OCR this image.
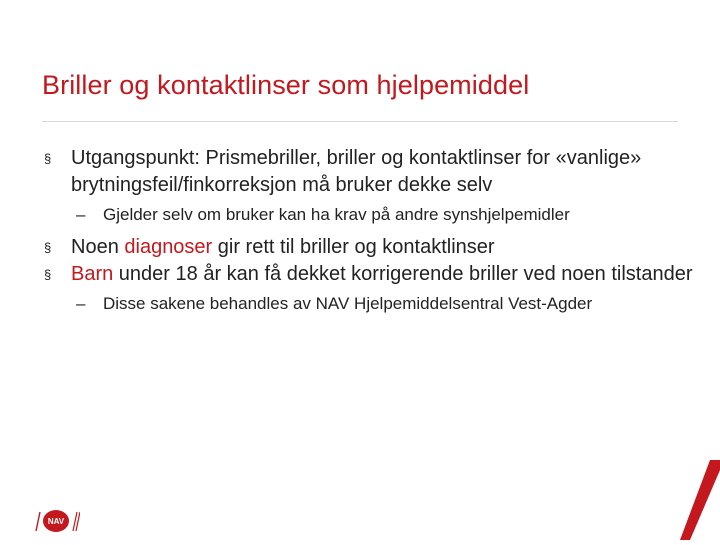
Briller og kontaktlinser som hjelpemiddel
§ Utgangspunkt: Prismebriller, briller og kontaktlinser for «vanlige» brytningsfeil/finkorreksjon må bruker dekke selv
– Gjelder selv om bruker kan ha krav på andre synshjelpemidler
§ Noen diagnoser gir rett til briller og kontaktlinser
§ Barn under 18 år kan få dekket korrigerende briller ved noen tilstander
– Disse sakene behandles av NAV Hjelpemiddelsentral Vest-Agder
NAV
